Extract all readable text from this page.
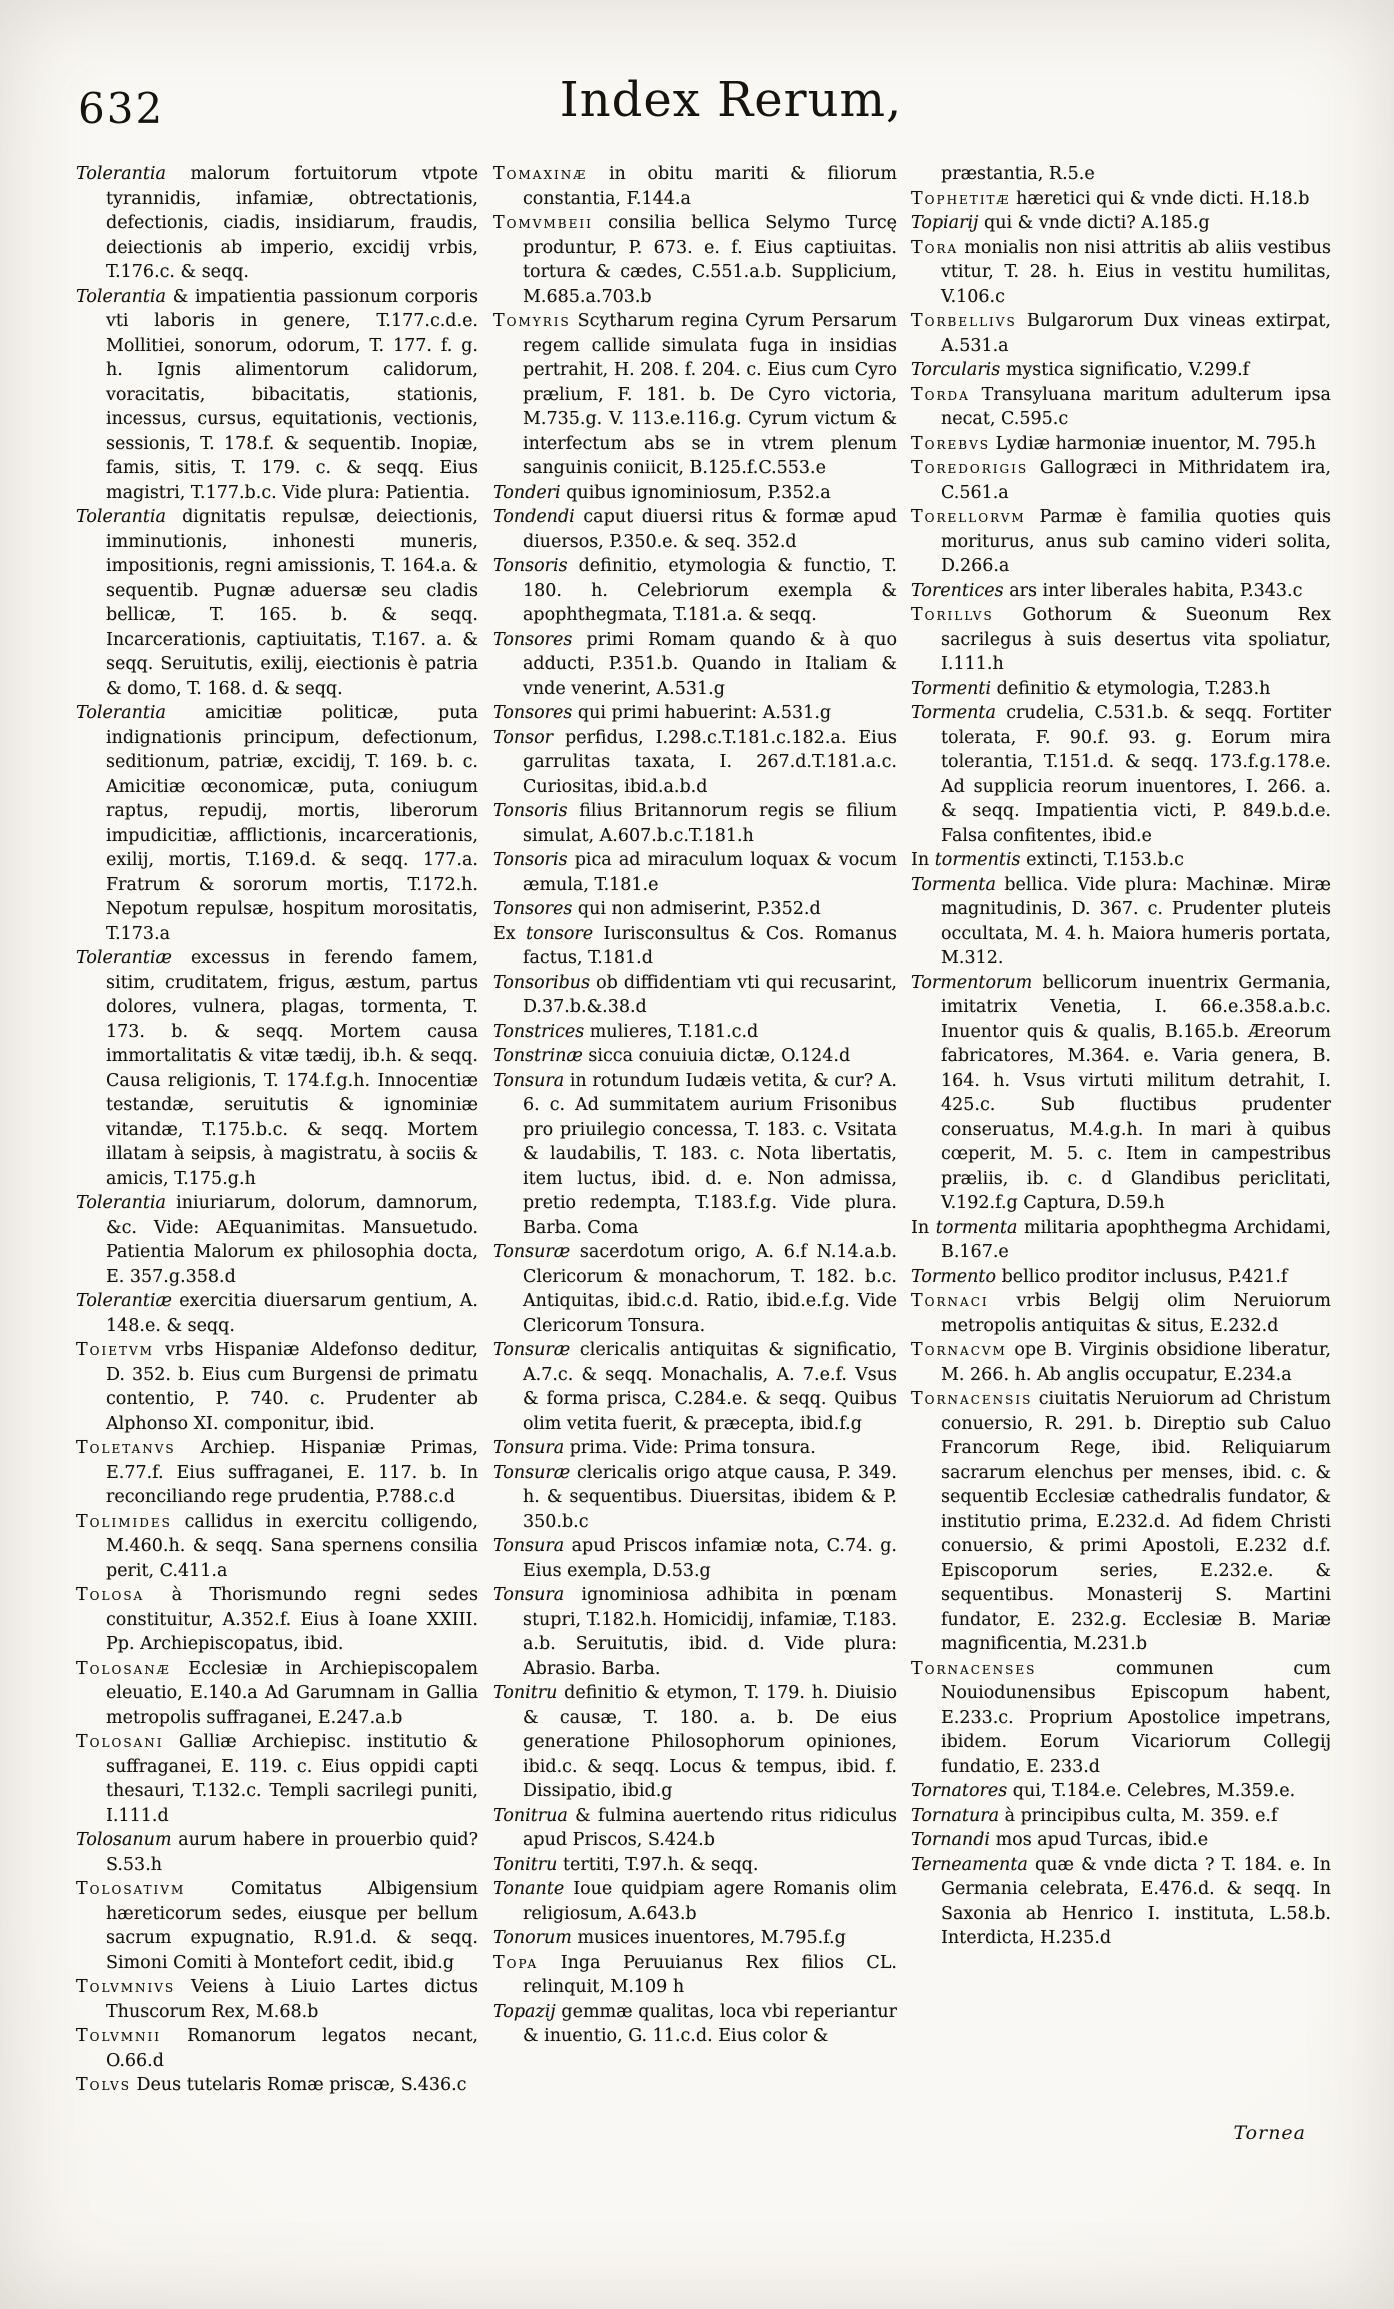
632	Index Rerum,
Tolerantia malorum fortuitorum vtpote tyrannidis, infamiæ, obtrectationis, defectionis, ciadis, insidiarum, fraudis, deiectionis ab imperio, excidij vrbis, T.176.c. & seqq.
Tolerantia & impatientia passionum corporis vti laboris in genere, T.177.c.d.e. Mollitiei, sonorum, odorum, T. 177. f. g. h. Ignis alimentorum calidorum, voracitatis, bibacitatis, stationis, incessus, cursus, equitationis, vectionis, sessionis, T. 178.f. & sequentib. Inopiæ, famis, sitis, T. 179. c. & seqq. Eius magistri, T.177.b.c. Vide plura: Patientia.
Tolerantia dignitatis repulsæ, deiectionis, imminutionis, inhonesti muneris, impositionis, regni amissionis, T. 164.a. & sequentib. Pugnæ aduersæ seu cladis bellicæ, T. 165. b. & seqq. Incarcerationis, captiuitatis, T.167. a. & seqq. Seruitutis, exilij, eiectionis è patria & domo, T. 168. d. & seqq.
Tolerantia amicitiæ politicæ, puta indignationis principum, defectionum, seditionum, patriæ, excidij, T. 169. b. c. Amicitiæ œconomicæ, puta, coniugum raptus, repudij, mortis, liberorum impudicitiæ, afflictionis, incarcerationis, exilij, mortis, T.169.d. & seqq. 177.a. Fratrum & sororum mortis, T.172.h. Nepotum repulsæ, hospitum morositatis, T.173.a
Tolerantiæ excessus in ferendo famem, sitim, cruditatem, frigus, æstum, partus dolores, vulnera, plagas, tormenta, T. 173. b. & seqq. Mortem causa immortalitatis & vitæ tædij, ib.h. & seqq. Causa religionis, T. 174.f.g.h. Innocentiæ testandæ, seruitutis & ignominiæ vitandæ, T.175.b.c. & seqq. Mortem illatam à seipsis, à magistratu, à sociis & amicis, T.175.g.h
Tolerantia iniuriarum, dolorum, damnorum, &c. Vide: AEquanimitas. Mansuetudo. Patientia Malorum ex philosophia docta, E. 357.g.358.d
Tolerantiæ exercitia diuersarum gentium, A. 148.e. & seqq.
Toietvm vrbs Hispaniæ Aldefonso deditur, D. 352. b. Eius cum Burgensi de primatu contentio, P. 740. c. Prudenter ab Alphonso XI. componitur, ibid.
Toletanvs Archiep. Hispaniæ Primas, E.77.f. Eius suffraganei, E. 117. b. In reconciliando rege prudentia, P.788.c.d
Tolimides callidus in exercitu colligendo, M.460.h. & seqq. Sana spernens consilia perit, C.411.a
Tolosa à Thorismundo regni sedes constituitur, A.352.f. Eius à Ioane XXIII. Pp. Archiepiscopatus, ibid.
Tolosanæ Ecclesiæ in Archiepiscopalem eleuatio, E.140.a Ad Garumnam in Gallia metropolis suffraganei, E.247.a.b
Tolosani Galliæ Archiepisc. institutio & suffraganei, E. 119. c. Eius oppidi capti thesauri, T.132.c. Templi sacrilegi puniti, I.111.d
Tolosanum aurum habere in prouerbio quid? S.53.h
Tolosativm Comitatus Albigensium hæreticorum sedes, eiusque per bellum sacrum expugnatio, R.91.d. & seqq. Simoni Comiti à Montefort cedit, ibid.g
Tolvmnivs Veiens à Liuio Lartes dictus Thuscorum Rex, M.68.b
Tolvmnii Romanorum legatos necant, O.66.d
Tolvs Deus tutelaris Romæ priscæ, S.436.c
Tomaxinæ in obitu mariti & filiorum constantia, F.144.a
Tomvmbeii consilia bellica Selymo Turcę produntur, P. 673. e. f. Eius captiuitas. tortura & cædes, C.551.a.b. Supplicium, M.685.a.703.b
Tomyris Scytharum regina Cyrum Persarum regem callide simulata fuga in insidias pertrahit, H. 208. f. 204. c. Eius cum Cyro prælium, F. 181. b. De Cyro victoria, M.735.g. V. 113.e.116.g. Cyrum victum & interfectum abs se in vtrem plenum sanguinis coniicit, B.125.f.C.553.e
Tonderi quibus ignominiosum, P.352.a
Tondendi caput diuersi ritus & formæ apud diuersos, P.350.e. & seq. 352.d
Tonsoris definitio, etymologia & functio, T. 180. h. Celebriorum exempla & apophthegmata, T.181.a. & seqq.
Tonsores primi Romam quando & à quo adducti, P.351.b. Quando in Italiam & vnde venerint, A.531.g
Tonsores qui primi habuerint: A.531.g
Tonsor perfidus, I.298.c.T.181.c.182.a. Eius garrulitas taxata, I. 267.d.T.181.a.c. Curiositas, ibid.a.b.d
Tonsoris filius Britannorum regis se filium simulat, A.607.b.c.T.181.h
Tonsoris pica ad miraculum loquax & vocum æmula, T.181.e
Tonsores qui non admiserint, P.352.d
Ex tonsore Iurisconsultus & Cos. Romanus factus, T.181.d
Tonsoribus ob diffidentiam vti qui recusarint, D.37.b.&.38.d
Tonstrices mulieres, T.181.c.d
Tonstrinæ sicca conuiuia dictæ, O.124.d
Tonsura in rotundum Iudæis vetita, & cur? A. 6. c. Ad summitatem aurium Frisonibus pro priuilegio concessa, T. 183. c. Vsitata & laudabilis, T. 183. c. Nota libertatis, item luctus, ibid. d. e. Non admissa, pretio redempta, T.183.f.g. Vide plura. Barba. Coma
Tonsuræ sacerdotum origo, A. 6.f N.14.a.b. Clericorum & monachorum, T. 182. b.c. Antiquitas, ibid.c.d. Ratio, ibid.e.f.g. Vide Clericorum Tonsura.
Tonsuræ clericalis antiquitas & significatio, A.7.c. & seqq. Monachalis, A. 7.e.f. Vsus & forma prisca, C.284.e. & seqq. Quibus olim vetita fuerit, & præcepta, ibid.f.g
Tonsura prima. Vide: Prima tonsura.
Tonsuræ clericalis origo atque causa, P. 349. h. & sequentibus. Diuersitas, ibidem & P. 350.b.c
Tonsura apud Priscos infamiæ nota, C.74. g. Eius exempla, D.53.g
Tonsura ignominiosa adhibita in pœnam stupri, T.182.h. Homicidij, infamiæ, T.183. a.b. Seruitutis, ibid. d. Vide plura: Abrasio. Barba.
Tonitru definitio & etymon, T. 179. h. Diuisio & causæ, T. 180. a. b. De eius generatione Philosophorum opiniones, ibid.c. & seqq. Locus & tempus, ibid. f. Dissipatio, ibid.g
Tonitrua & fulmina auertendo ritus ridiculus apud Priscos, S.424.b
Tonitru tertiti, T.97.h. & seqq.
Tonante Ioue quidpiam agere Romanis olim religiosum, A.643.b
Tonorum musices inuentores, M.795.f.g
Topa Inga Peruuianus Rex filios CL. relinquit, M.109 h
Topazij gemmæ qualitas, loca vbi reperiantur & inuentio, G. 11.c.d. Eius color &
præstantia, R.5.e
Tophetitæ hæretici qui & vnde dicti. H.18.b
Topiarij qui & vnde dicti? A.185.g
Tora monialis non nisi attritis ab aliis vestibus vtitur, T. 28. h. Eius in vestitu humilitas, V.106.c
Torbellivs Bulgarorum Dux vineas extirpat, A.531.a
Torcularis mystica significatio, V.299.f
Torda Transyluana maritum adulterum ipsa necat, C.595.c
Torebvs Lydiæ harmoniæ inuentor, M. 795.h
Toredorigis Gallogræci in Mithridatem ira, C.561.a
Torellorvm Parmæ è familia quoties quis moriturus, anus sub camino videri solita, D.266.a
Torentices ars inter liberales habita, P.343.c
Torillvs Gothorum & Sueonum Rex sacrilegus à suis desertus vita spoliatur, I.111.h
Tormenti definitio & etymologia, T.283.h
Tormenta crudelia, C.531.b. & seqq. Fortiter tolerata, F. 90.f. 93. g. Eorum mira tolerantia, T.151.d. & seqq. 173.f.g.178.e. Ad supplicia reorum inuentores, I. 266. a. & seqq. Impatientia victi, P. 849.b.d.e. Falsa confitentes, ibid.e
In tormentis extincti, T.153.b.c
Tormenta bellica. Vide plura: Machinæ. Miræ magnitudinis, D. 367. c. Prudenter pluteis occultata, M. 4. h. Maiora humeris portata, M.312.
Tormentorum bellicorum inuentrix Germania, imitatrix Venetia, I. 66.e.358.a.b.c. Inuentor quis & qualis, B.165.b. Æreorum fabricatores, M.364. e. Varia genera, B. 164. h. Vsus virtuti militum detrahit, I. 425.c. Sub fluctibus prudenter conseruatus, M.4.g.h. In mari à quibus cœperit, M. 5. c. Item in campestribus præliis, ib. c. d Glandibus periclitati, V.192.f.g Captura, D.59.h
In tormenta militaria apophthegma Archidami, B.167.e
Tormento bellico proditor inclusus, P.421.f
Tornaci vrbis Belgij olim Neruiorum metropolis antiquitas & situs, E.232.d
Tornacvm ope B. Virginis obsidione liberatur, M. 266. h. Ab anglis occupatur, E.234.a
Tornacensis ciuitatis Neruiorum ad Christum conuersio, R. 291. b. Direptio sub Caluo Francorum Rege, ibid. Reliquiarum sacrarum elenchus per menses, ibid. c. & sequentib Ecclesiæ cathedralis fundator, & institutio prima, E.232.d. Ad fidem Christi conuersio, & primi Apostoli, E.232 d.f. Episcoporum series, E.232.e. & sequentibus. Monasterij S. Martini fundator, E. 232.g. Ecclesiæ B. Mariæ magnificentia, M.231.b
Tornacenses communen cum Nouiodunensibus Episcopum habent, E.233.c. Proprium Apostolice impetrans, ibidem. Eorum Vicariorum Collegij fundatio, E. 233.d
Tornatores qui, T.184.e. Celebres, M.359.e.
Tornatura à principibus culta, M. 359. e.f
Tornandi mos apud Turcas, ibid.e
Terneamenta quæ & vnde dicta ? T. 184. e. In Germania celebrata, E.476.d. & seqq. In Saxonia ab Henrico I. instituta, L.58.b. Interdicta, H.235.d
Tornea
